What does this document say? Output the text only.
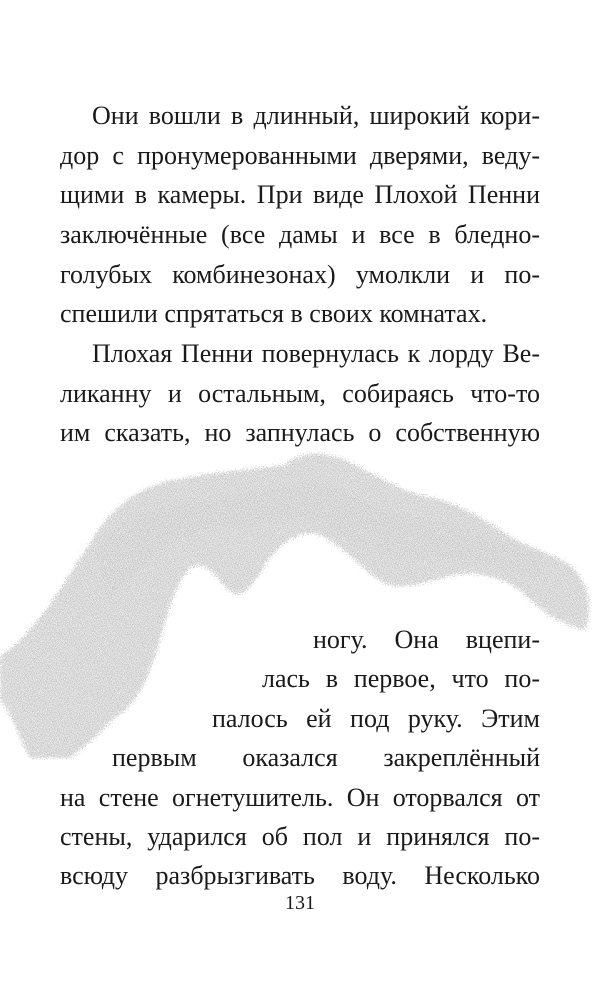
Они вошли в длинный, широкий кори-
дор с пронумерованными дверями, веду-
щими в камеры. При виде Плохой Пенни
заключённые (все дамы и все в бледно-
голубых комбинезонах) умолкли и по-
спешили спрятаться в своих комнатах.
Плохая Пенни повернулась к лорду Ве-
ликанну и остальным, собираясь что-то
им сказать, но запнулась о собственную
ногу. Она вцепи-
лась в первое, что по-
палось ей под руку. Этим
первым оказался закреплённый
на стене огнетушитель. Он оторвался от
стены, ударился об пол и принялся по-
всюду разбрызгивать воду. Несколько
131
